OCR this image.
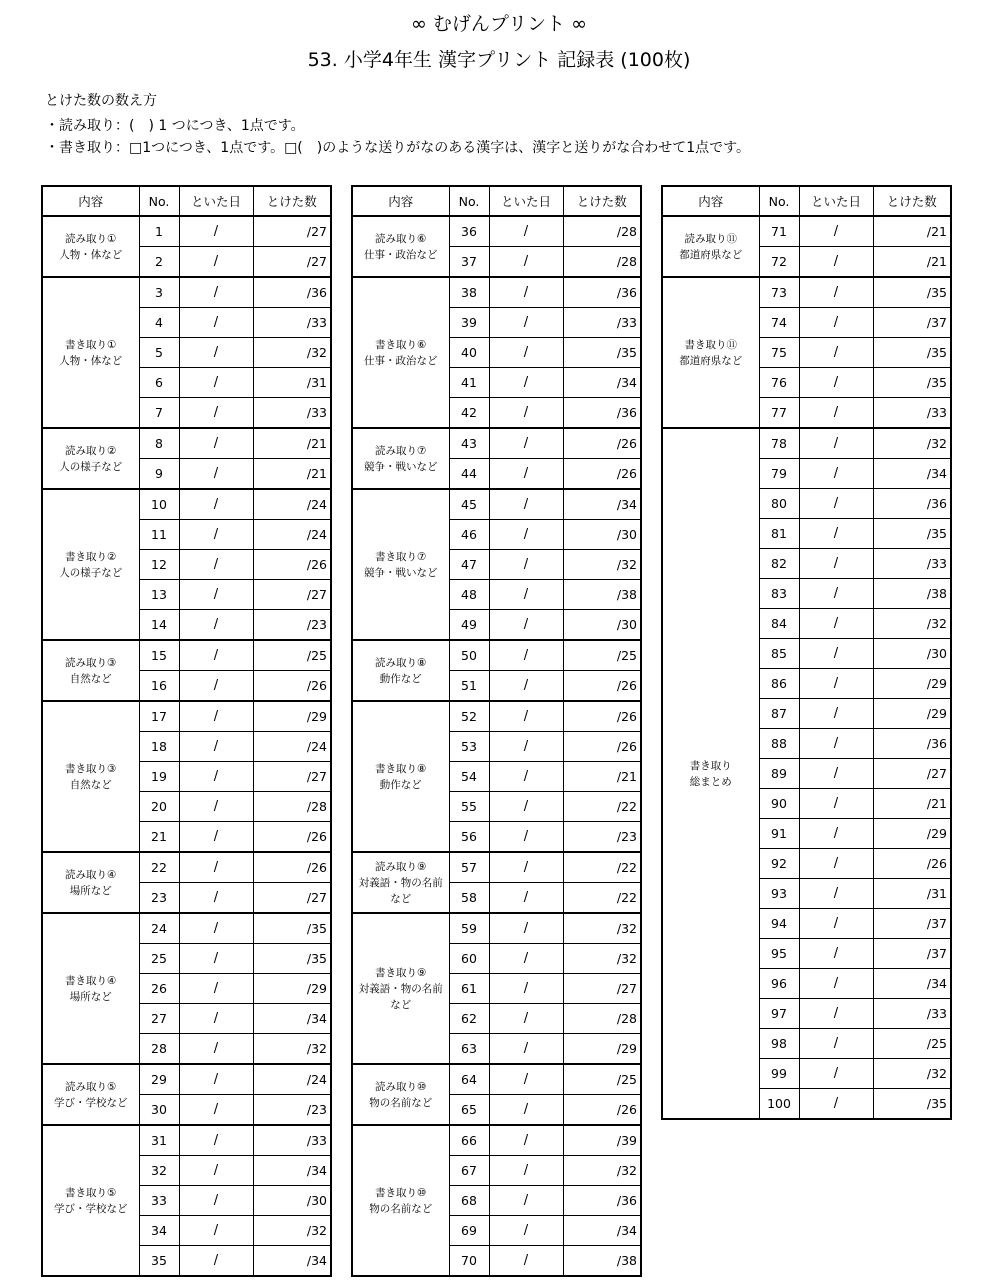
∞ むげんプリント ∞
53. 小学4年生 漢字プリント 記録表 (100枚)
とけた数の数え方
・読み取り：(　) 1 つにつき、1点です。
・書き取り：□1つにつき、1点です。□(　)のような送りがなのある漢字は、漢字と送りがな合わせて1点です。
内容	No.	といた日	とけた数

読み取り①
人物・体など	1	/	/27
	2	/	/27

書き取り①
人物・体など	3	/	/36
	4	/	/33
	5	/	/32
	6	/	/31
	7	/	/33

読み取り②
人の様子など	8	/	/21
	9	/	/21

書き取り②
人の様子など	10	/	/24
	11	/	/24
	12	/	/26
	13	/	/27
	14	/	/23

読み取り③
自然など	15	/	/25
	16	/	/26

書き取り③
自然など	17	/	/29
	18	/	/24
	19	/	/27
	20	/	/28
	21	/	/26

読み取り④
場所など	22	/	/26
	23	/	/27

書き取り④
場所など	24	/	/35
	25	/	/35
	26	/	/29
	27	/	/34
	28	/	/32

読み取り⑤
学び・学校など	29	/	/24
	30	/	/23

書き取り⑤
学び・学校など	31	/	/33
	32	/	/34
	33	/	/30
	34	/	/32
	35	/	/34
内容	No.	といた日	とけた数

読み取り⑥
仕事・政治など	36	/	/28
	37	/	/28

書き取り⑥
仕事・政治など	38	/	/36
	39	/	/33
	40	/	/35
	41	/	/34
	42	/	/36

読み取り⑦
競争・戦いなど	43	/	/26
	44	/	/26

書き取り⑦
競争・戦いなど	45	/	/34
	46	/	/30
	47	/	/32
	48	/	/38
	49	/	/30

読み取り⑧
動作など	50	/	/25
	51	/	/26

書き取り⑧
動作など	52	/	/26
	53	/	/26
	54	/	/21
	55	/	/22
	56	/	/23

読み取り⑨
対義語・物の名前
など	57	/	/22
	58	/	/22

書き取り⑨
対義語・物の名前
など	59	/	/32
	60	/	/32
	61	/	/27
	62	/	/28
	63	/	/29

読み取り⑩
物の名前など	64	/	/25
	65	/	/26

書き取り⑩
物の名前など	66	/	/39
	67	/	/32
	68	/	/36
	69	/	/34
	70	/	/38
内容	No.	といた日	とけた数

読み取り⑪
都道府県など	71	/	/21
	72	/	/21

書き取り⑪
都道府県など	73	/	/35
	74	/	/37
	75	/	/35
	76	/	/35
	77	/	/33

書き取り
総まとめ	78	/	/32
	79	/	/34
	80	/	/36
	81	/	/35
	82	/	/33
	83	/	/38
	84	/	/32
	85	/	/30
	86	/	/29
	87	/	/29
	88	/	/36
	89	/	/27
	90	/	/21
	91	/	/29
	92	/	/26
	93	/	/31
	94	/	/37
	95	/	/37
	96	/	/34
	97	/	/33
	98	/	/25
	99	/	/32
	100	/	/35
